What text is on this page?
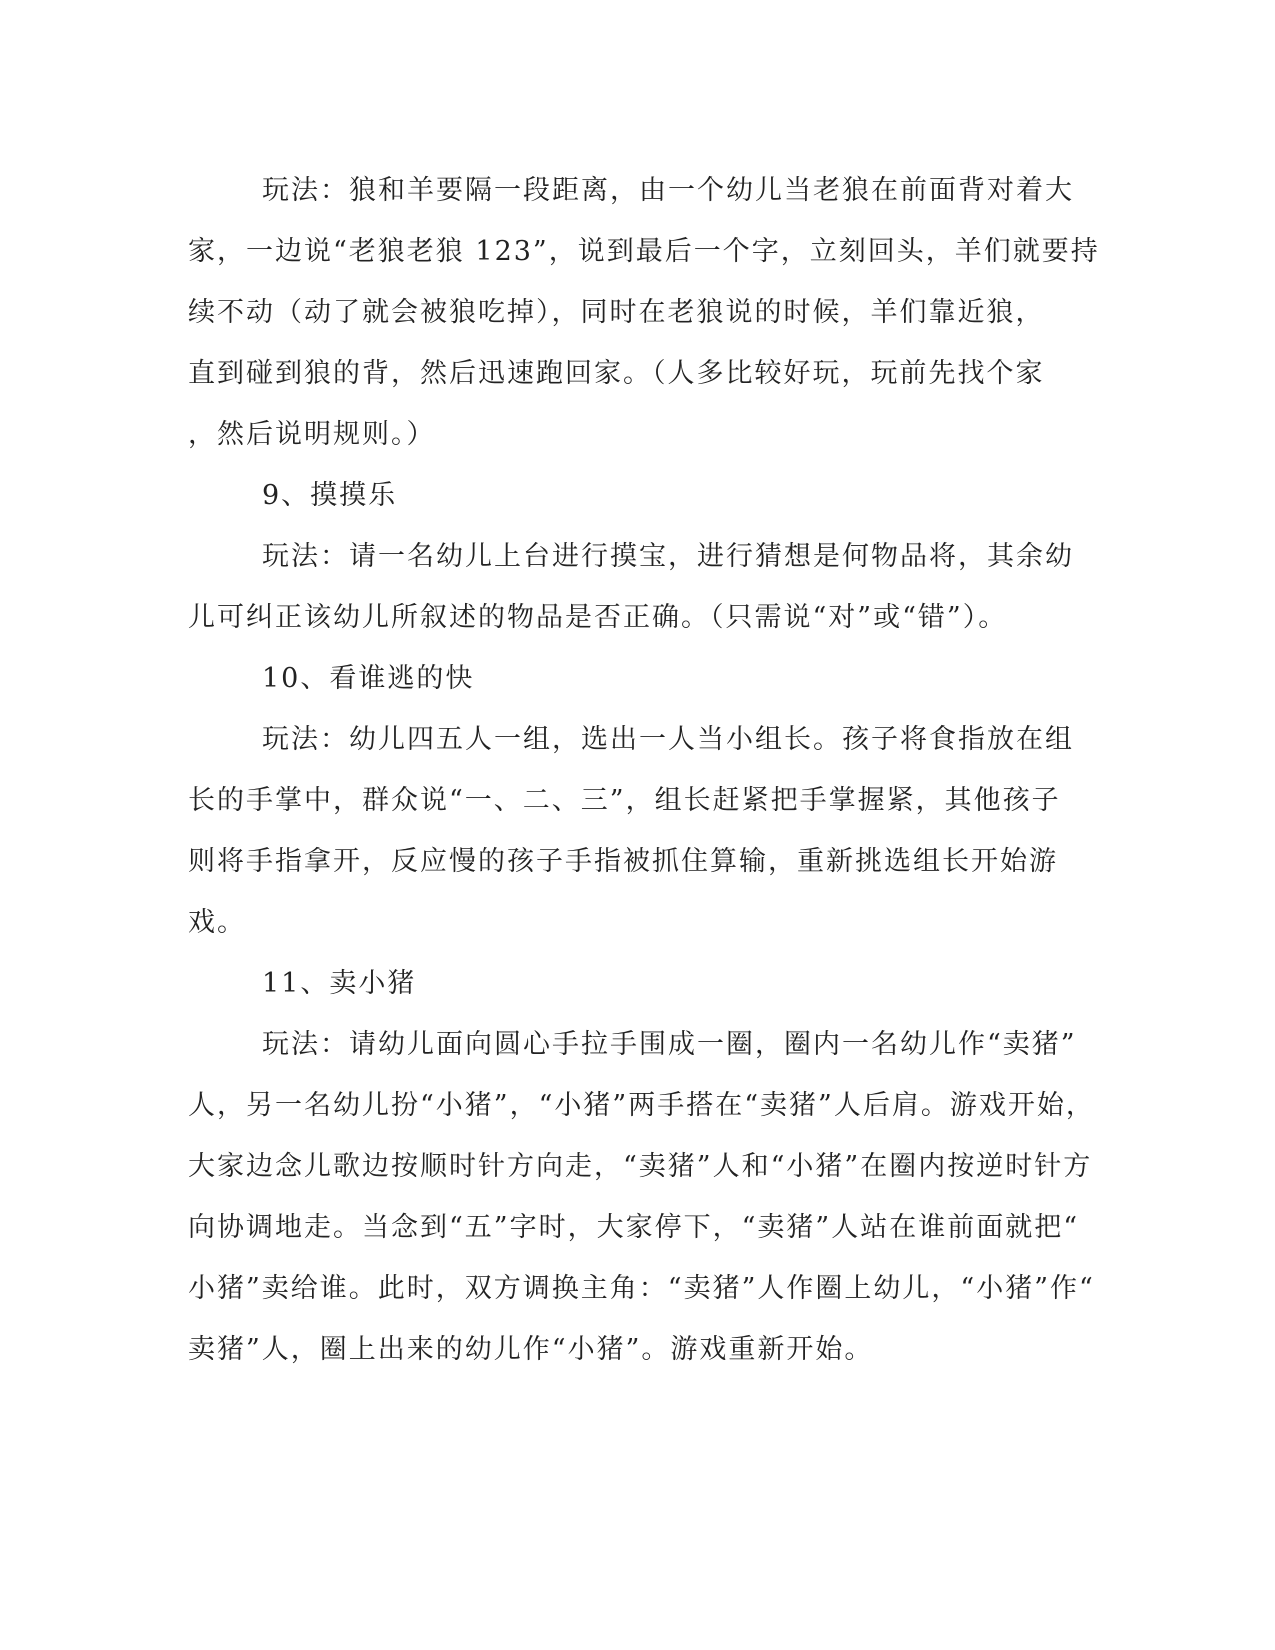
玩法：狼和羊要隔一段距离，由一个幼儿当老狼在前面背对着大
家，一边说“老狼老狼 123”，说到最后一个字，立刻回头，羊们就要持
续不动（动了就会被狼吃掉），同时在老狼说的时候，羊们靠近狼，
直到碰到狼的背，然后迅速跑回家。（人多比较好玩，玩前先找个家
，然后说明规则。）
9、摸摸乐
玩法：请一名幼儿上台进行摸宝，进行猜想是何物品将，其余幼
儿可纠正该幼儿所叙述的物品是否正确。（只需说“对”或“错”）。
10、看谁逃的快
玩法：幼儿四五人一组，选出一人当小组长。孩子将食指放在组
长的手掌中，群众说“一、二、三”，组长赶紧把手掌握紧，其他孩子
则将手指拿开，反应慢的孩子手指被抓住算输，重新挑选组长开始游
戏。
11、卖小猪
玩法：请幼儿面向圆心手拉手围成一圈，圈内一名幼儿作“卖猪”
人，另一名幼儿扮“小猪”，“小猪”两手搭在“卖猪”人后肩。游戏开始，
大家边念儿歌边按顺时针方向走，“卖猪”人和“小猪”在圈内按逆时针方
向协调地走。当念到“五”字时，大家停下，“卖猪”人站在谁前面就把“
小猪”卖给谁。此时，双方调换主角：“卖猪”人作圈上幼儿，“小猪”作“
卖猪”人，圈上出来的幼儿作“小猪”。游戏重新开始。
